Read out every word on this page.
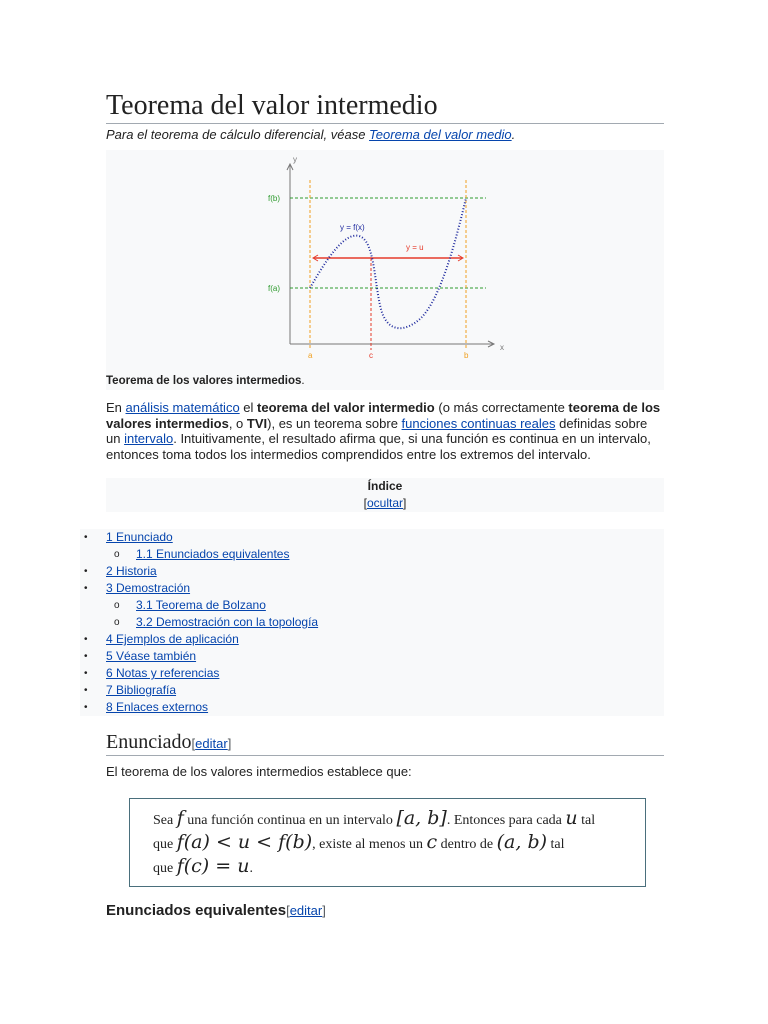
Teorema del valor intermedio
Para el teorema de cálculo diferencial, véase Teorema del valor medio.
y
x
f(b)
f(a)
y = u
y = f(x)
a	c	b
Teorema de los valores intermedios.
En análisis matemático el teorema del valor intermedio (o más correctamente teorema de los valores intermedios, o TVI), es un teorema sobre funciones continuas reales definidas sobre un intervalo. Intuitivamente, el resultado afirma que, si una función es continua en un intervalo, entonces toma todos los intermedios comprendidos entre los extremos del intervalo.
Índice
[ocultar]
• 1 Enunciado
o 1.1 Enunciados equivalentes
• 2 Historia
• 3 Demostración
o 3.1 Teorema de Bolzano
o 3.2 Demostración con la topología
• 4 Ejemplos de aplicación
• 5 Véase también
• 6 Notas y referencias
• 7 Bibliografía
• 8 Enlaces externos
Enunciado[editar]
El teorema de los valores intermedios establece que:
Sea f una función continua en un intervalo [a, b]. Entonces para cada u tal
que f(a) < u < f(b), existe al menos un c dentro de (a, b) tal
que f(c) = u.
Enunciados equivalentes[editar]
